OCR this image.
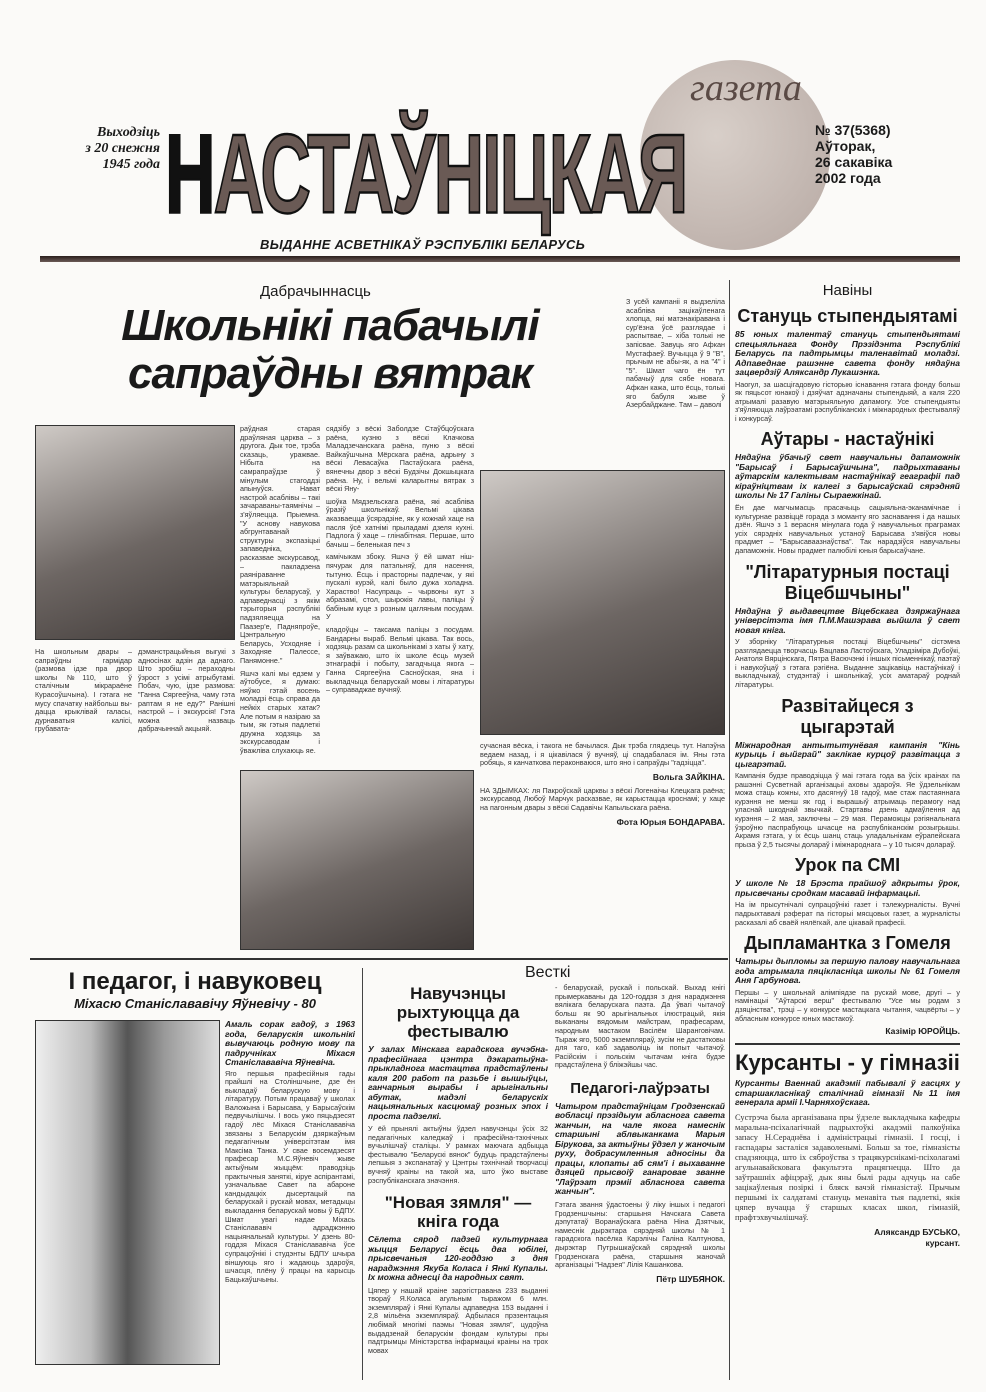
Выходзіць
з 20 снежня
1945 года НАСТАЎНІЦКАЯ
газета
ВЫДАННЕ АСВЕТНІКАЎ РЭСПУБЛІКІ БЕЛАРУСЬ
№ 37(5368)
Аўторак,
26 сакавіка
2002 года
Дабрачыннасць
Школьнікі пабачылі
сапраўдны вятрак
З усёй кампаніі я выдзеліла асаблівa зацікаўленага хлопца, які матэнакіравана і сур'ёзна ўсё разглядае і распытвае, – хіба толькі не запісвае. Завуць яго Афкан Мустафаеў. Вучыцца ў 9 "В", прычым не абы-як, а на "4" і "5". Шмат чаго ён тут пабачыў для сябе новага. Афкан кажа, што ёсць, толькі яго бабуля жыве ў Азербайджане. Там – даволі
На школьным двары – сапраўдны гармідар (размова ідзе пра двор школы №110, што ў сталічным мікрараёне Курасоўшчына). І гэтага не мусу спачатку найбольш вы-дацца крыклівай галасы, дурнаватыя калісі, грубавата-дэманстрацыйныя выгукі з адносінах адзін да аднаго. Што зробіш – пераходны ўзрост з усімі атрыбутамі. Побач, чую, ідзе размова: "Ганна Сяргееўна, чаму гэта раптам я не еду?" Ранішні настрой – і экскурсія! Гэта можна назваць дабрачыннай акцыяй.
раўдная старая драўляная царква – з другога. Дык тое, трэба сказаць, уражвае. Нібыта на самрапраўдзе ў мінулым стагоддзі апынуўся. Нават настрой асаблівы – такі зачараваны-таямнічы – з'яўляецца. Прыемна. "У аснову навукова абгрунтаванай структуры экспазіцыі запаведніка, – расказвае экскурсавод, – пакладзена раяніраванне матэрыяльнай культуры беларусаў, у адпаведнасці з якім тэрыторыя рэспублікі падзяляецца на Паазер'е, Падняпроўе, Цэнтральную Беларусь, Усходняе і Заходняе Палессе, Панямонне."
Яшчэ калі мы едзем у аўтобусе, я думаю: няўжо гэтай восень моладзі ёсць справа да нейкіх старых хатак? Але потым я назіраю за тым, як гэтыя падлеткі дружна ходзяць за экскурсаводам і ўважліва слухаюць яе.
сядзібу з вёскі Заболдзе Стаўбцоўскага раёна, кузню з вёскі Клачкова Маладзечанскага раёна, пуню з вёскі Вайкаўшчына Мёрскага раёна, адрыну з вёскі Левасаўка Пастаўскага раёна, вянечны двор з вёскі Будзічы Докшыцкага раёна. Ну, і вельмі каларытны вятрак з вёскі Яну-
шоўка Мядзельскага раёна, які асабліва ўразіў школьнікаў. Вельмі цікава аказваецца ўсярэдзіне, як у кожнай хаце на пасля ўсё хатнімі прыладамі дзеля кухні. Падлога ў хаце – глінабітная. Першае, што бачыш – беленькая печ з
камічыкам збоку. Яшчэ ў ёй шмат ніш-пячурак для патэльняў, для насення, тытуню. Ёсць і прасторны падпечак, у які пускалі курэй, калі было дужа холадна. Хараство! Насупраць – чырвоны кут з абразамі, стол, шырокія лавы, паліцы ў бабіным куце з розным цагляным посудам. У
кладоўцы – таксама паліцы з посудам. Бандарны выраб. Вельмі цікава. Так вось, ходзяць разам са школьнікамі з хаты ў хату, я заўважаю, што іх школе ёсць музей этнаграфіі і побыту, загадчыца якога – Ганна Сяргееўна Сасноўская, яна і выкладчыца беларускай мовы і літаратуры – суправаджае вучняў.
сучасная вёска, і такога не бачылася. Дык трэба глядзець тут. Напэўна ведаем назад, і я цікавілася ў вучняў, ці спадабалася ім. Яны гэта робяць, я канчаткова пераконваюся, што яно і сапраўды "гадзіцца".
Вольга ЗАЙКІНА.
НА ЗДЫМКАХ: ля Пакроўскай царквы з вёскі Логенаічы Клецкага раёна; экскурсавод Любоў Марчук расказвае, як карыстацца кроснамі; у хаце на пагонным двары з вёскі Садавічы Капыльскага раёна.
Фота Юрыя БОНДАРАВА.
Навіны
Стануць стыпендыятамі
85 юных талентаў стануць стыпендыятамі спецыяльнага Фонду Прэзідэнта Рэспублікі Беларусь па падтрымцы таленавітай моладзі. Адпаведнае рашэнне савета фонду нядаўна зацвердзіў Аляксандр Лукашэнка.
Наогул, за шасцігадовую гісторыю існавання гэтага фонду больш як пяцьсот юнакоў і дзяўчат адзначаны стыпендыяй, а каля 220 атрымалі разавую матэрыяльную дапамогу. Усе стыпендыяты з'яўляюцца лаўрэатамі рэспубліканскіх і міжнародных фестываляў і конкурсаў.
Аўтары - настаўнікі
Нядаўна ўбачыў свет навучальны дапаможнік "Барысаў і Барысаўшчына", падрыхтаваны аўтарскім калектывам настаўнікаў геаграфіі пад кіраўніцтвам іх калегі з барысаўскай сярэдняй школы № 17 Галіны Сыраежкінай.
Ён дае магчымасць прасачыць сацыяльна-эканамічнае і культурнае развіццё горада з моманту яго заснавання і да нашых дзён. Яшчэ з 1 верасня мінулага года ў навучальных праграмах усіх сярэдніх навучальных устаноў Барысава з'явіўся новы прадмет – "Барысаваазнаўства". Так нарадзіўся навучальны дапаможнік. Новы прадмет палюбілі юныя барысаўчане.
"Літаратурныя постаці Віцебшчыны"
Нядаўна ў выдавецтве Віцебскага дзяржаўнага універсітэта імя П.М.Машэрава выйшла ў свет новая кніга.
У зборніку "Літаратурныя постаці Віцебшчыны" сістэмна разглядаецца творчасць Вацлава Ластоўскага, Уладзіміра Дубоўкі, Анатоля Вярцінскага, Пятра Васючэнкі і іншых пісьменнікаў, паэтаў і навукоўцаў з гэтага рэгіёна. Выданне зацікавіць настаўнікаў і выкладчыкаў, студэнтаў і школьнікаў, усіх аматараў роднай літаратуры.
Развітайцеся з цыгарэтай
Міжнародная антытытунёвая кампанія "Кінь курыць і выйграй" заклікае курцоў развітацца з цыгарэтай.
Кампанія будзе праводзіцца ў маі гэтага года ва ўсіх краінах па рашэнні Сусветнай арганізацыі аховы здароўя. Яе ўдзельнікам можа стаць кожны, хто дасягнуў 18 гадоў, мае стаж пастаяннага курэння не менш як год і вырашыў атрымаць перамогу над уласнай шкоднай звычкай. Стартавы дзень адмаўлення ад курэння – 2 мая, заключны – 29 мая. Пераможцы рэгіянальнага ўзроўню паспрабуюць шчасце на рэспубліканскім розыгрышы. Акрамя гэтага, у іх ёсць шанц стаць уладальнікам еўрапейскага прыза ў 2,5 тысячы долараў і міжнароднага – у 10 тысяч долараў.
Урок па СМІ
У школе № 18 Брэста прайшоў адкрыты ўрок, прысвечаны сродкам масавай інфармацыі.
На ім прысутнічалі супрацоўнікі газет і тэлежурналісты. Вучні падрыхтавалі рэферат па гісторыі мясцовых газет, а журналісты расказалі аб сваёй нялёгкай, але цікавай прафесіі.
Дыпламантка з Гомеля
Чатыры дыпломы за першую палову навучальнага года атрымала пяцікласніца школы № 61 Гомеля Аня Гарбунова.
Першы – у школьнай алімпіядзе па рускай мове, другі – у намінацыі "Аўтарскі верш" фестывалю "Усе мы родам з дзяцінства", трэці – у конкурсе мастацкага чытання, чацвёрты – у абласным конкурсе юных мастакоў.
Казімір ЮРОЙЦЬ.
Курсанты - у гімназіі
Курсанты Ваеннай акадэміі пабывалі ў гасцях у старшакласнікаў сталічнай гімназіі №11 імя генерала арміі І.Чарняхоўскага.
Сустрэча была арганізавана пры ўдзеле выкладчыка кафедры маральна-псіхалагічнай падрыхтоўкі акадэміі палкоўніка запасу Н.Сераднёва і адміністрацыі гімназіі. І госці, і гаспадары засталіся задаволенымі. Больш за тое, гімназісты спадзяюцца, што іх сяброўства з трацякурснікамі-псіхолагамі агульнавайсковага факультэта працягнецца. Што да заўтрашніх афіцэраў, дык яны былі рады адчуць на сабе зацікаўленыя позіркі і бляск вачэй гімназістаў. Прычым першымі іх салдатамі стануць менавіта тыя падлеткі, якія цяпер вучацца ў старшых класах школ, гімназій, прафтэхвучылішчаў.
Аляксандр БУСЬКО,
курсант.
І педагог, і навуковец
Міхасю Станіслававічу Яўневічу - 80
Амаль сорак гадоў, з 1963 года, беларускія школьнікі вывучаюць родную мову па падручніках Міхася Станіслававіча Яўневіча.
Яго першыя прафесійныя гады прайшлі на Століншчыне, дзе ён выкладаў беларускую мову і літаратуру. Потым працаваў у школах Валожына і Барысава, у Барысаўскім педвучылішчы. І вось ужо пяцьдзесят гадоў лёс Міхася Станіслававіча звязаны з Беларускім дзяржаўным педагагічным універсітэтам імя Максіма Танка. У свае восемдзесят прафесар М.С.Яўневіч жыве актыўным жыццём: праводзіць практычныя заняткі, кіруе аспірантамі, узначальвае Савет па абароне кандыдацкіх дысертацый па беларускай і рускай мовах, метадыцы выкладання беларускай мовы ў БДПУ. Шмат увагі надае Міхась Станіслававіч адраджэнню нацыянальнай культуры. У дзень 80-годдзя Міхася Станіслававіча ўсе супрацоўнікі і студэнты БДПУ шчыра віншуюць яго і жадаюць здароўя, шчасця, плёну ў працы на карысць Бацькаўшчыны.
Весткі
Навучэнцы рыхтуюцца да фестывалю
У залах Мінскага гарадскога вучэбна-прафесійнага цэнтра дэкаратыўна-прыкладнога мастацтва прадстаўлены каля 200 работ па разьбе і вышыўцы, ганчарныя вырабы і арыгінальны абутак, мадэлі беларускіх нацыянальных касцюмаў розных эпох і проста падзелкі.
У ёй прынялі актыўны ўдзел навучэнцы ўсіх 32 педагагічных каледжаў і прафесійна-тэхнічных вучылішчаў сталіцы. У рамках маючага адбыцца фестывалю "Беларускі вянок" будуць прадстаўлены лепшыя з экспанатаў у Цэнтры тэхнічнай творчасці вучняў краіны на такой жа, што ўжо выставе рэспубліканскага значэння.
"Новая зямля" —
кніга года
Сёлета сярод падзей культурнага жыцця Беларусі ёсць два юбілеі, прысвечаныя 120-годдзю з дня нараджэння Якуба Коласа і Янкі Купалы. Іх можна аднесці да народных свят.
Цяпер у нашай краіне зарэгістравана 233 выданні твораў Я.Коласа агульным тыражом 6 млн. экземпляраў і Янкі Купалы адпаведна 153 выданні і 2,8 мільёна экземпляраў. Адбылася прэзентацыя любімай многімі паэмы "Новая зямля", цудоўна выдадзенай беларускім фондам культуры пры падтрымцы Міністэрства інфармацыі краіны на трох мовах
- беларускай, рускай і польскай. Выхад кнігі прымеркаваны да 120-годдзя з дня нараджэння вялікага беларускага паэта. Да ўвагі чытачоў больш як 90 арыгінальных ілюстрацый, якія выкананы вядомым майстрам, прафесарам, народным мастаком Васілём Шаранговічам. Тыраж яго, 5000 экземпляраў, зусім не дастатковы для таго, каб задаволіць ім попыт чытачоў. Расійскім і польскім чытачам кніга будзе прадстаўлена ў бліжэйшы час.
Педагогі-лаўрэаты
Чатыром прадстаўніцам Гродзенскай вобласці прэзідыум абласнога савета жанчын, на чале якога намеснік старшыні аблвыканкама Марыя Бірукова, за актыўны ўдзел у жаночым руху, добрасумленныя адносіны да працы, клопаты аб сям'і і выхаванне дзяцей прысвоіў ганаровае званне "Лаўрэат прэміі абласнога савета жанчын".
Гэтага звання ўдастоены ў ліку іншых і педагогі Гродзеншчыны: старшыня Начскага Савета дэпутатаў Воранаўскага раёна Ніна Дзятчык, намеснік дырэктара сярэдняй школы № 1 гарадскога пасёлка Карэлічы Галіна Калтунова, дырэктар Путрышкаўскай сярэдняй школы Гродзенскага раёна, старшыня жаночай арганізацыі "Надзея" Лілія Кашанкова.
Пётр ШУБЯНОК.
